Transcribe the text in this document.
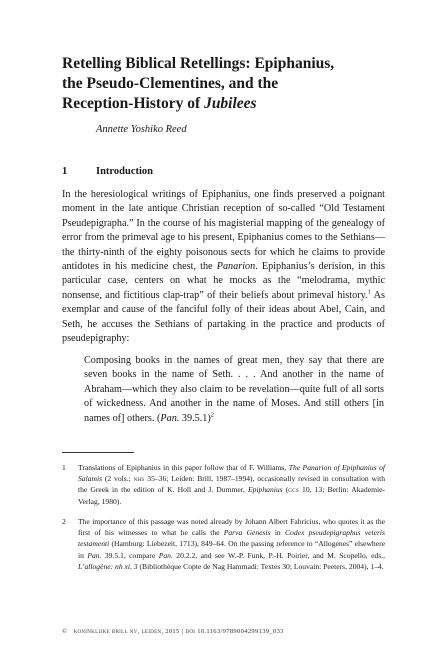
Retelling Biblical Retellings: Epiphanius,
the Pseudo-Clementines, and the
Reception-History of Jubilees
Annette Yoshiko Reed
1	Introduction

In the heresiological writings of Epiphanius, one finds preserved a poignant moment in the late antique Christian reception of so-called “Old Testament Pseudepigrapha.” In the course of his magisterial mapping of the genealogy of error from the primeval age to his present, Epiphanius comes to the Sethians—the thirty-ninth of the eighty poisonous sects for which he claims to provide antidotes in his medicine chest, the Panarion. Epiphanius’s derision, in this particular case, centers on what he mocks as the “melodrama, mythic nonsense, and fictitious clap-trap” of their beliefs about primeval history.$^1$ As exemplar and cause of the fanciful folly of their ideas about Abel, Cain, and Seth, he accuses the Sethians of partaking in the practice and products of pseudepigraphy:

Composing books in the names of great men, they say that there are seven books in the name of Seth. . . . And another in the name of Abraham—which they also claim to be revelation—quite full of all sorts of wickedness. And another in the name of Moses. And still others [in names of] others. (Pan. 39.5.1)$^2$

1 Translations of Epiphanius in this paper follow that of F. Williams, The Panarion of Epiphanius of Salamis (2 vols.; nhs 35–36; Leiden: Brill, 1987–1994), occasionally revised in consultation with the Greek in the edition of K. Holl and J. Dummer, Epiphanius (gcs 10, 13; Berlin: Akademie-Verlag, 1980).
2 The importance of this passage was noted already by Johann Albert Fabricius, who quotes it as the first of his witnesses to what he calls the Parva Genesis in Codex pseudepigraphus veteris testamenti (Hamburg: Liebezeit, 1713), 849–64. On the passing reference to “Allogenes” elsewhere in Pan. 39.5.1, compare Pan. 20.2.2, and see W.-P. Funk, P.-H. Poirier, and M. Scopello, eds., L’allogène: nh xi, 3 (Bibliothèque Copte de Nag Hammadi: Textes 30; Louvain: Peeters, 2004), 1–4.
© koninklijke brill nv, leiden, 2015 | doi 10.1163/9789004299139_033
